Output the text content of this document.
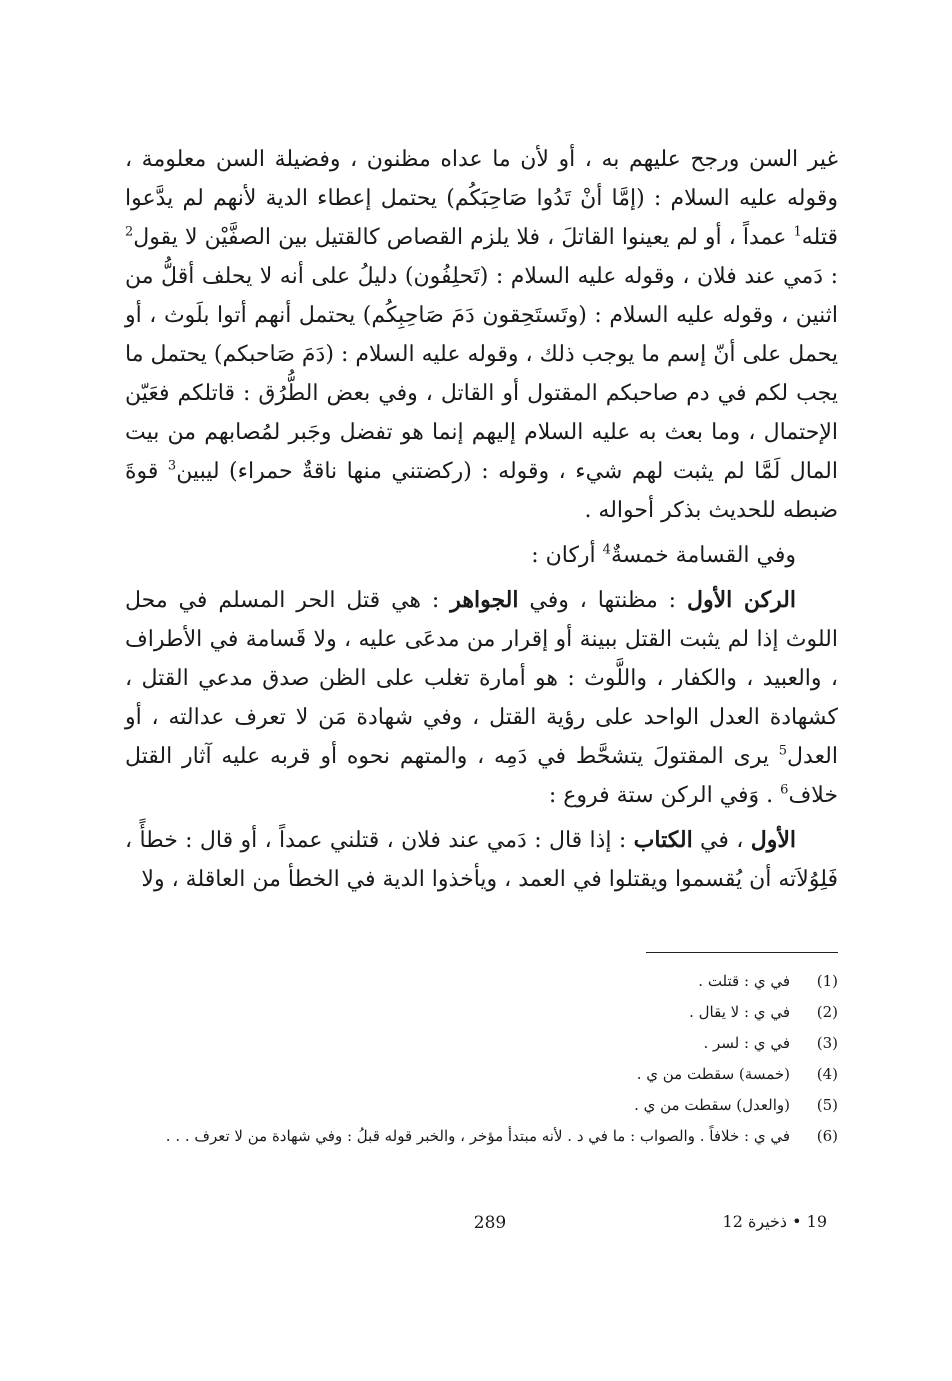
غير السن ورجح عليهم به ، أو لأن ما عداه مظنون ، وفضيلة السن معلومة ، وقوله عليه السلام : (إمَّا أنْ تَدُوا صَاحِبَكُم) يحتمل إعطاء الدية لأنهم لم يدَّعوا قتله$^1$ عمداً ، أو لم يعينوا القاتلَ ، فلا يلزم القصاص كالقتيل بين الصفَّيْن لا يقول$^2$ : دَمي عند فلان ، وقوله عليه السلام : (تَحلِفُون) دليلُ على أنه لا يحلف أقلُّ من اثنين ، وقوله عليه السلام : (وتَستَحِقون دَمَ صَاحِبِكُم) يحتمل أنهم أتوا بلَوث ، أو يحمل على أنّ إسم ما يوجب ذلك ، وقوله عليه السلام : (دَمَ صَاحبكم) يحتمل ما يجب لكم في دم صاحبكم المقتول أو القاتل ، وفي بعض الطُّرُق : قاتلكم فعَيّن الإحتمال ، وما بعث به عليه السلام إليهم إنما هو تفضل وجَبر لمُصابهم من بيت المال لَمَّا لم يثبت لهم شيء ، وقوله : (ركضتني منها ناقةٌ حمراء) ليبين$^3$ قوةَ ضبطه للحديث بذكر أحواله .

وفي القسامة خمسةٌ$^4$ أركان :

الركن الأول : مظنتها ، وفي الجواهر : هي قتل الحر المسلم في محل اللوث إذا لم يثبت القتل ببينة أو إقرار من مدعَى عليه ، ولا قَسامة في الأطراف ، والعبيد ، والكفار ، واللَّوث : هو أمارة تغلب على الظن صدق مدعي القتل ، كشهادة العدل الواحد على رؤية القتل ، وفي شهادة مَن لا تعرف عدالته ، أو العدل$^5$ يرى المقتولَ يتشحَّط في دَمِه ، والمتهم نحوه أو قربه عليه آثار القتل خلاف$^6$ . وَفي الركن ستة فروع :

الأول ، في الكتاب : إذا قال : دَمي عند فلان ، قتلني عمداً ، أو قال : خطأً ، فَلِوُلاَته أن يُقسموا ويقتلوا في العمد ، ويأخذوا الدية في الخطأ من العاقلة ، ولا

(1)
في ي : قتلت .
(2)
في ي : لا يقال .
(3)
في ي : لسر .
(4)
(خمسة) سقطت من ي .
(5)
(والعدل) سقطت من ي .
(6)
في ي : خلافاً . والصواب : ما في د . لأنه مبتدأ مؤخر ، والخبر قوله قبلُ : وفي شهادة من لا تعرف . . .
289	19 • ذخيرة 12
